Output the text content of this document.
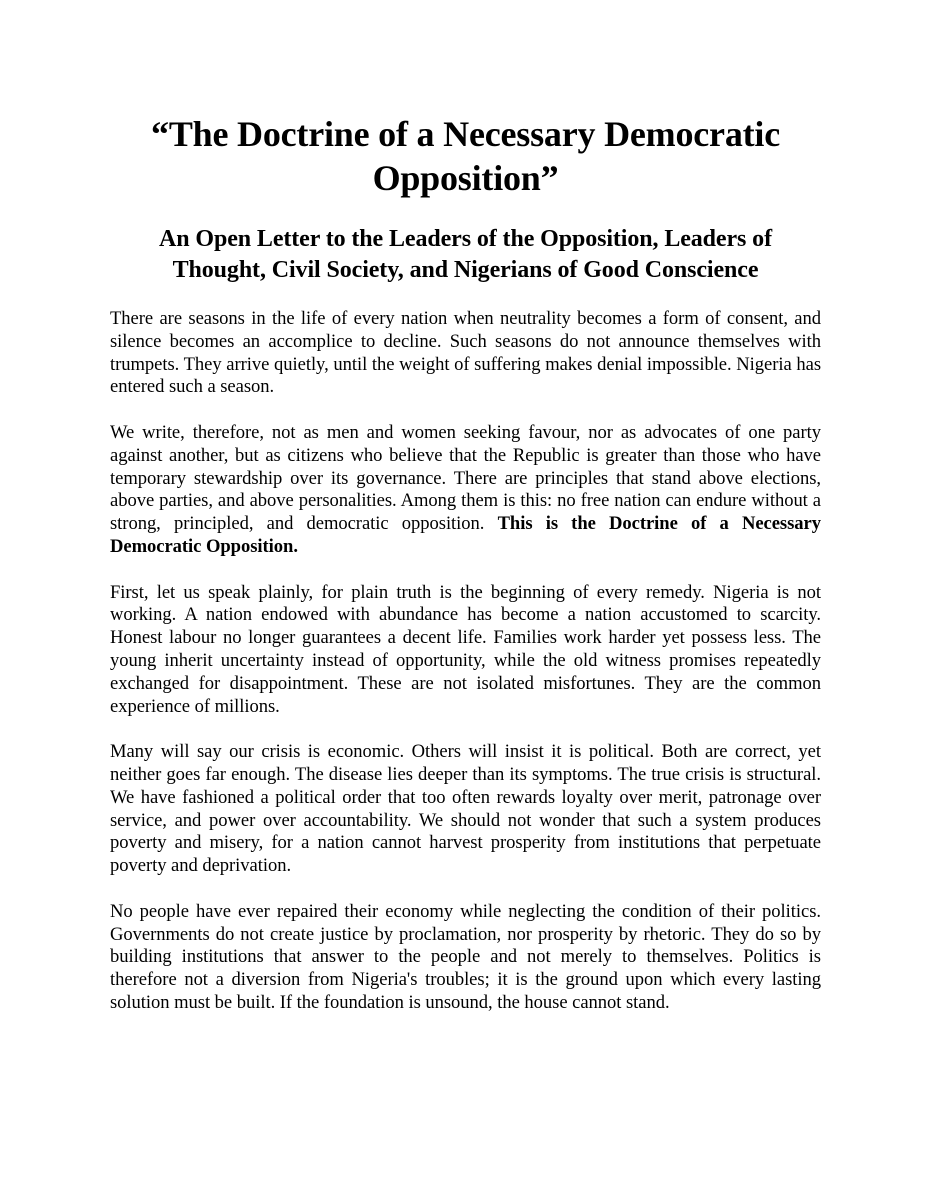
“The Doctrine of a Necessary Democratic Opposition”
An Open Letter to the Leaders of the Opposition, Leaders of Thought, Civil Society, and Nigerians of Good Conscience

There are seasons in the life of every nation when neutrality becomes a form of consent, and silence becomes an accomplice to decline. Such seasons do not announce themselves with trumpets. They arrive quietly, until the weight of suffering makes denial impossible. Nigeria has entered such a season.

We write, therefore, not as men and women seeking favour, nor as advocates of one party against another, but as citizens who believe that the Republic is greater than those who have temporary stewardship over its governance. There are principles that stand above elections, above parties, and above personalities. Among them is this: no free nation can endure without a strong, principled, and democratic opposition. This is the Doctrine of a Necessary Democratic Opposition.

First, let us speak plainly, for plain truth is the beginning of every remedy. Nigeria is not working. A nation endowed with abundance has become a nation accustomed to scarcity. Honest labour no longer guarantees a decent life. Families work harder yet possess less. The young inherit uncertainty instead of opportunity, while the old witness promises repeatedly exchanged for disappointment. These are not isolated misfortunes. They are the common experience of millions.

Many will say our crisis is economic. Others will insist it is political. Both are correct, yet neither goes far enough. The disease lies deeper than its symptoms. The true crisis is structural. We have fashioned a political order that too often rewards loyalty over merit, patronage over service, and power over accountability. We should not wonder that such a system produces poverty and misery, for a nation cannot harvest prosperity from institutions that perpetuate poverty and deprivation.

No people have ever repaired their economy while neglecting the condition of their politics. Governments do not create justice by proclamation, nor prosperity by rhetoric. They do so by building institutions that answer to the people and not merely to themselves. Politics is therefore not a diversion from Nigeria's troubles; it is the ground upon which every lasting solution must be built. If the foundation is unsound, the house cannot stand.
